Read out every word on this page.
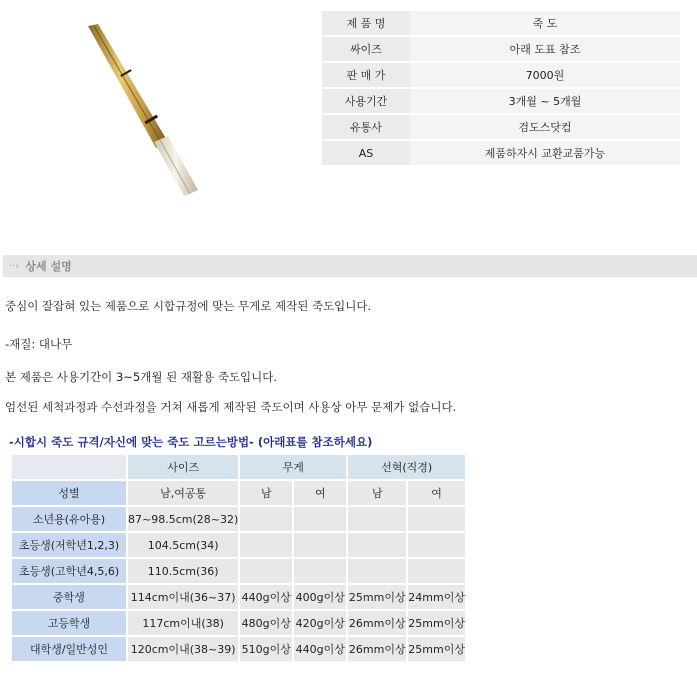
제 품 명	죽 도
싸이즈	아래 도표 참조
판 매 가	7000원
사용기간	3개월 ~ 5개월
유통사	검도스닷컴
AS	제품하자시 교환교품가능
··› 상세 설명
중심이 잘잡혀 있는 제품으로 시합규정에 맞는 무게로 제작된 죽도입니다.
-재질: 대나무
본 제품은 사용기간이 3~5개월 된 재활용 죽도입니다.
엄선된 세척과정과 수선과정을 거쳐 새롭게 제작된 죽도이며 사용상 아무 문제가 없습니다.
-시합시 죽도 규격/자신에 맞는 죽도 고르는방법- (아래표를 참조하세요)
	사이즈	무게		선혁(직경)	
성별	남,여공통	남	여	남	여
소년용(유아용)	87~98.5cm(28~32)				
초등생(저학년1,2,3)	104.5cm(34)				
초등생(고학년4,5,6)	110.5cm(36)				
중학생	114cm이내(36~37)	440g이상	400g이상	25mm이상	24mm이상
고등학생	117cm이내(38)	480g이상	420g이상	26mm이상	25mm이상
대학생/일반성인	120cm이내(38~39)	510g이상	440g이상	26mm이상	25mm이상
